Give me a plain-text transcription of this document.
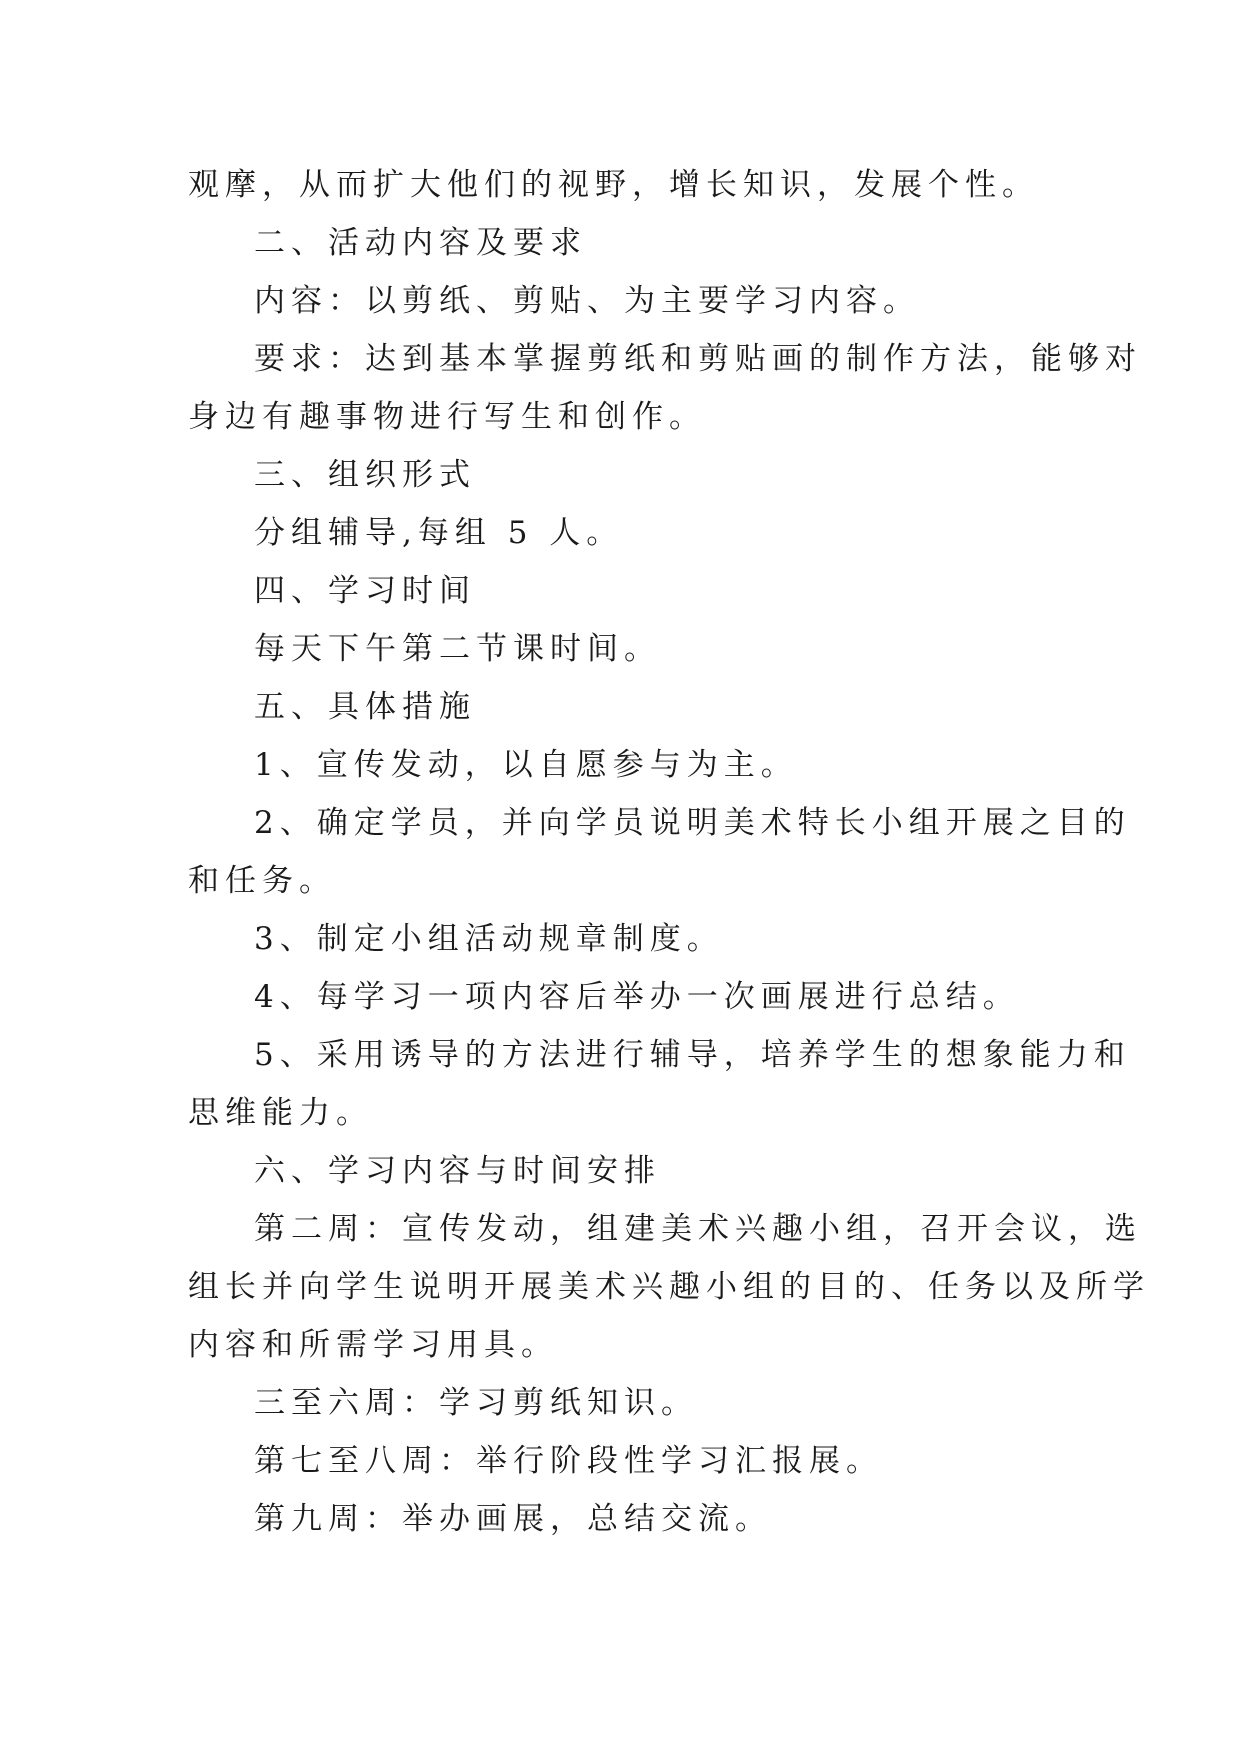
观摩，从而扩大他们的视野，增长知识，发展个性。

二、活动内容及要求

内容：以剪纸、剪贴、为主要学习内容。

要求：达到基本掌握剪纸和剪贴画的制作方法，能够对

身边有趣事物进行写生和创作。

三、组织形式

分组辅导,每组 5 人。

四、学习时间

每天下午第二节课时间。

五、具体措施

1、宣传发动，以自愿参与为主。

2、确定学员，并向学员说明美术特长小组开展之目的

和任务。

3、制定小组活动规章制度。

4、每学习一项内容后举办一次画展进行总结。

5、采用诱导的方法进行辅导，培养学生的想象能力和

思维能力。

六、学习内容与时间安排

第二周：宣传发动，组建美术兴趣小组，召开会议，选

组长并向学生说明开展美术兴趣小组的目的、任务以及所学

内容和所需学习用具。

三至六周：学习剪纸知识。

第七至八周：举行阶段性学习汇报展。

第九周：举办画展，总结交流。
